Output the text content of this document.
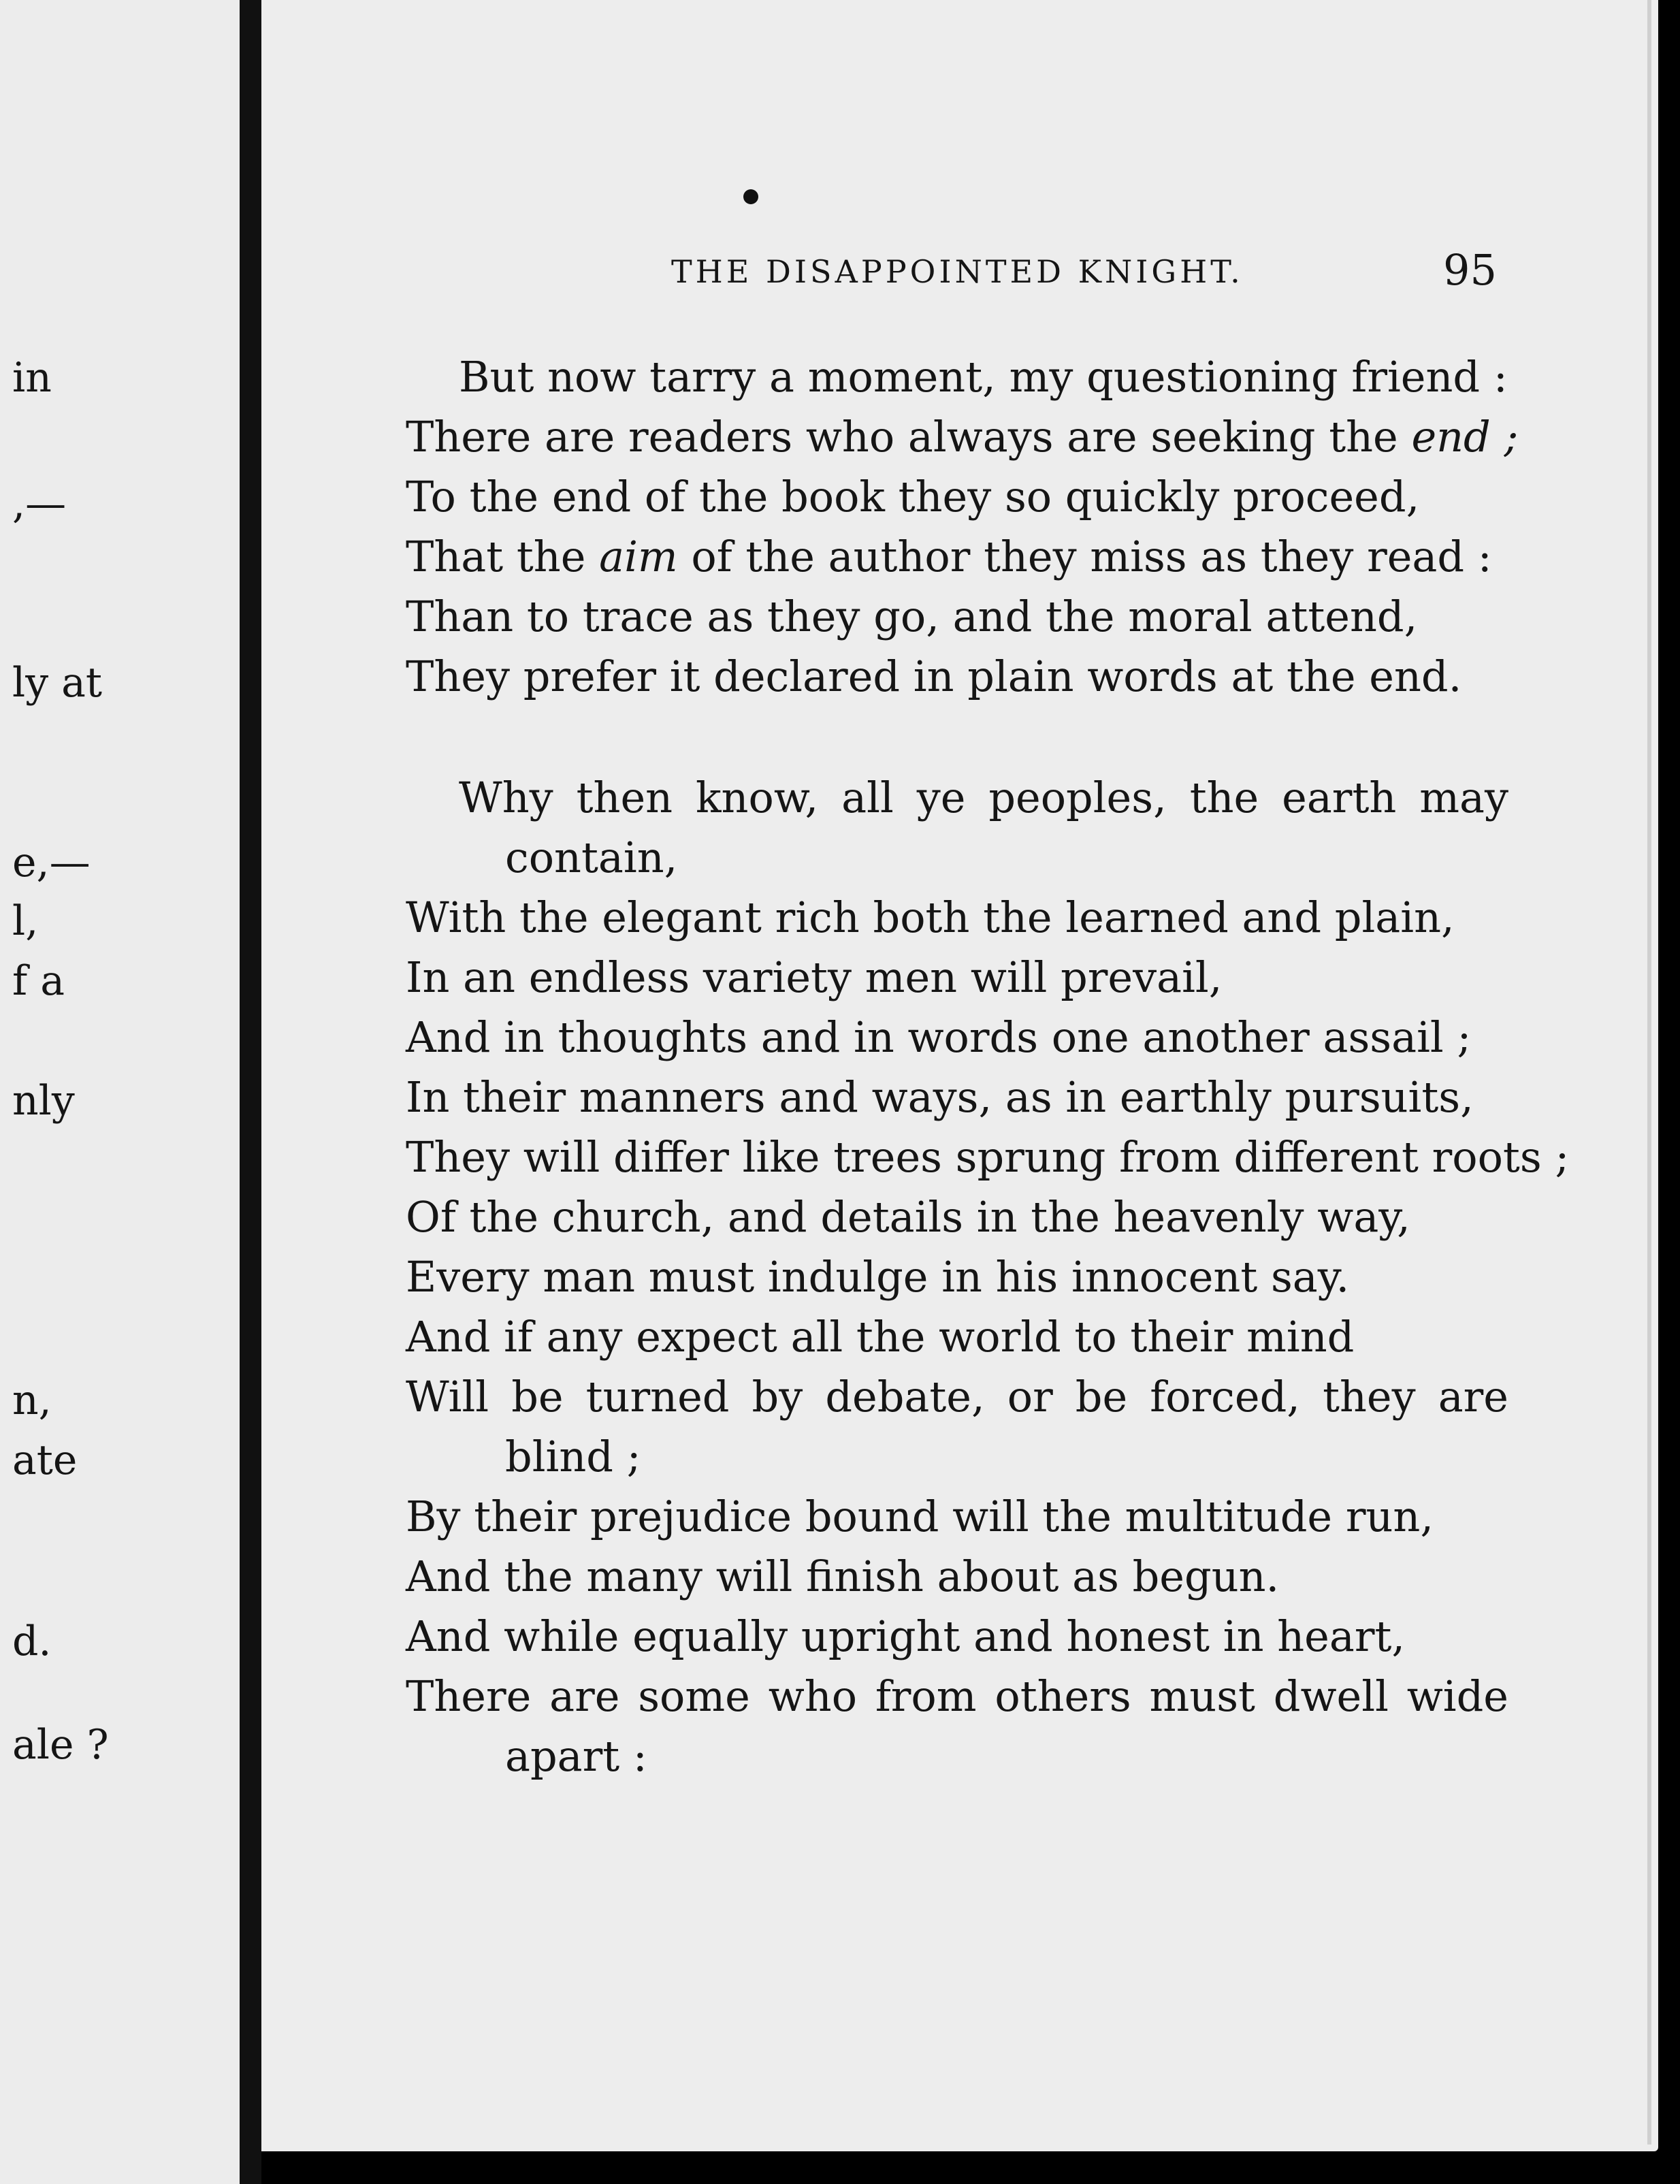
in
,—
ly at
e,—
l,
f a
nly
n,
ate
d.
ale ?
THE DISAPPOINTED KNIGHT.	95
But now tarry a moment, my questioning friend :
There are readers who always are seeking the end ;
To the end of the book they so quickly proceed,
That the aim of the author they miss as they read :
Than to trace as they go, and the moral attend,
They prefer it declared in plain words at the end.
Why then know, all ye peoples, the earth may
contain,
With the elegant rich both the learned and plain,
In an endless variety men will prevail,
And in thoughts and in words one another assail ;
In their manners and ways, as in earthly pursuits,
They will differ like trees sprung from different roots ;
Of the church, and details in the heavenly way,
Every man must indulge in his innocent say.
And if any expect all the world to their mind
Will be turned by debate, or be forced, they are
blind ;
By their prejudice bound will the multitude run,
And the many will finish about as begun.
And while equally upright and honest in heart,
There are some who from others must dwell wide
apart :
